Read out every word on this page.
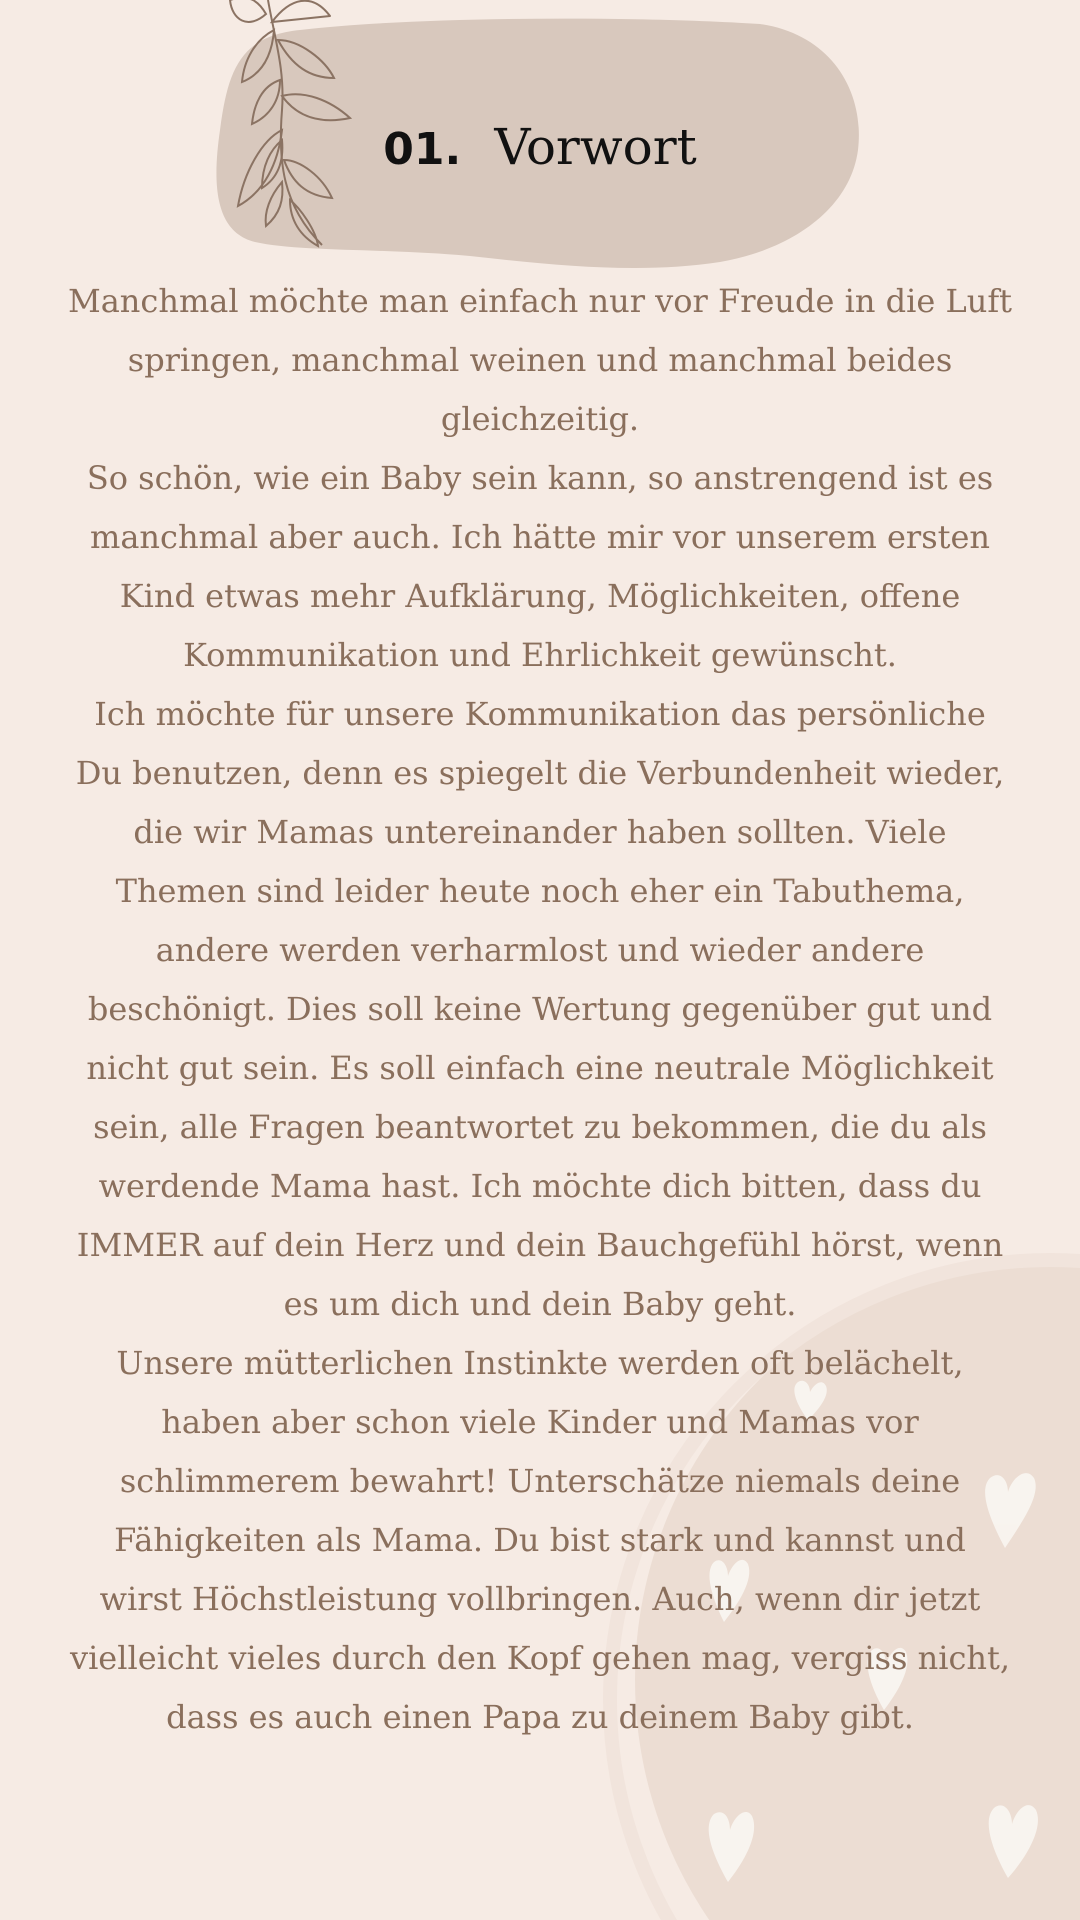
01. Vorwort
Manchmal möchte man einfach nur vor Freude in die Luft
springen, manchmal weinen und manchmal beides
gleichzeitig.
So schön, wie ein Baby sein kann, so anstrengend ist es
manchmal aber auch. Ich hätte mir vor unserem ersten
Kind etwas mehr Aufklärung, Möglichkeiten, offene
Kommunikation und Ehrlichkeit gewünscht.
Ich möchte für unsere Kommunikation das persönliche
Du benutzen, denn es spiegelt die Verbundenheit wieder,
die wir Mamas untereinander haben sollten. Viele
Themen sind leider heute noch eher ein Tabuthema,
andere werden verharmlost und wieder andere
beschönigt. Dies soll keine Wertung gegenüber gut und
nicht gut sein. Es soll einfach eine neutrale Möglichkeit
sein, alle Fragen beantwortet zu bekommen, die du als
werdende Mama hast. Ich möchte dich bitten, dass du
IMMER auf dein Herz und dein Bauchgefühl hörst, wenn
es um dich und dein Baby geht.
Unsere mütterlichen Instinkte werden oft belächelt,
haben aber schon viele Kinder und Mamas vor
schlimmerem bewahrt! Unterschätze niemals deine
Fähigkeiten als Mama. Du bist stark und kannst und
wirst Höchstleistung vollbringen. Auch, wenn dir jetzt
vielleicht vieles durch den Kopf gehen mag, vergiss nicht,
dass es auch einen Papa zu deinem Baby gibt.
